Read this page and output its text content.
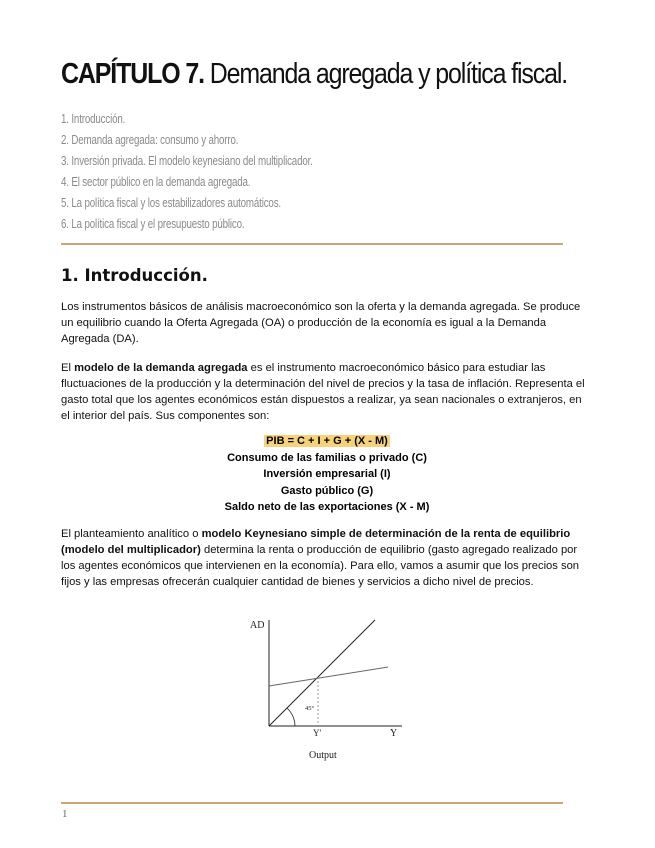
CAPÍTULO 7. Demanda agregada y política fiscal.
1. Introducción.
2. Demanda agregada: consumo y ahorro.
3. Inversión privada. El modelo keynesiano del multiplicador.
4. El sector público en la demanda agregada.
5. La política fiscal y los estabilizadores automáticos.
6. La política fiscal y el presupuesto público.
1. Introducción.

Los instrumentos básicos de análisis macroeconómico son la oferta y la demanda agregada. Se produce un equilibrio cuando la Oferta Agregada (OA) o producción de la economía es igual a la Demanda Agregada (DA).

El modelo de la demanda agregada es el instrumento macroeconómico básico para estudiar las fluctuaciones de la producción y la determinación del nivel de precios y la tasa de inflación. Representa el gasto total que los agentes económicos están dispuestos a realizar, ya sean nacionales o extranjeros, en el interior del país. Sus componentes son:

PIB = C + I + G + (X - M)
Consumo de las familias o privado (C)
Inversión empresarial (I)
Gasto público (G)
Saldo neto de las exportaciones (X - M)

El planteamiento analítico o modelo Keynesiano simple de determinación de la renta de equilibrio (modelo del multiplicador) determina la renta o producción de equilibrio (gasto agregado realizado por los agentes económicos que intervienen en la economía). Para ello, vamos a asumir que los precios son fijos y las empresas ofrecerán cualquier cantidad de bienes y servicios a dicho nivel de precios.

45°
AD
Y
Y'
Output
1
